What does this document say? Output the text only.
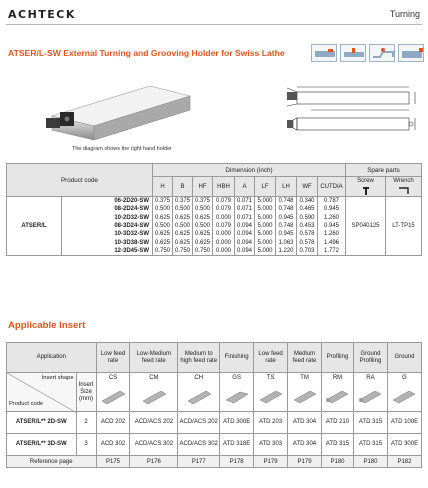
ACHTECK	Turning
ATSER/L-SW External Turning and Grooving Holder for Swiss Lathe
The diagram shows the right hand holder
Product code		Dimension (inch)									Spare parts	
		H	B	HF	HBH	A	LF	LH	WF	CUTDIA	Screw	Wrench

ATSER/L	06-2D20-SW	0.375	0.375	0.375	0.079	0.071	5.000	0.748	0.340	0.787	SP040125	LT-TP15
	08-2D24-SW	0.500	0.500	0.500	0.079	0.071	5.000	0.748	0.465	0.945		
	10-2D32-SW	0.625	0.625	0.625	0.000	0.071	5.000	0.945	0.590	1.260		
	08-3D24-SW	0.500	0.500	0.500	0.079	0.094	5.000	0.748	0.453	0.945		
	10-3D32-SW	0.625	0.625	0.625	0.000	0.094	5.000	0.945	0.578	1.260		
	10-3D38-SW	0.625	0.625	0.625	0.000	0.094	5.000	1.063	0.578	1.496		
	12-3D45-SW	0.750	0.750	0.750	0.000	0.094	5.000	1.220	0.703	1.772		
Applicable Insert
Application		Low feed rate	Low-Medium feed rate	Medium to high feed rate	Finishing	Low feed rate	Medium feed rate	Profiling	Ground Profiling	Ground

Insert shape
Product code	Insert Size (mm)	CS	CM	CH	GS	TS	TM	RM	RA	G

ATSER/L** 2D-SW	2	ACD 202	ACD/ACS 202	ACD/ACS 202	ATD 300E	ATD 203	ATD 304	ATD 210	ATD 315	ATD 100E
ATSER/L** 3D-SW	3	ACD 302	ACD/ACS 302	ACD/ACS 302	ATD 318E	ATD 303	ATD 304	ATD 315	ATD 315	ATD 300E
Reference page		P175	P176	P177	P178	P179	P179	P180	P180	P182
